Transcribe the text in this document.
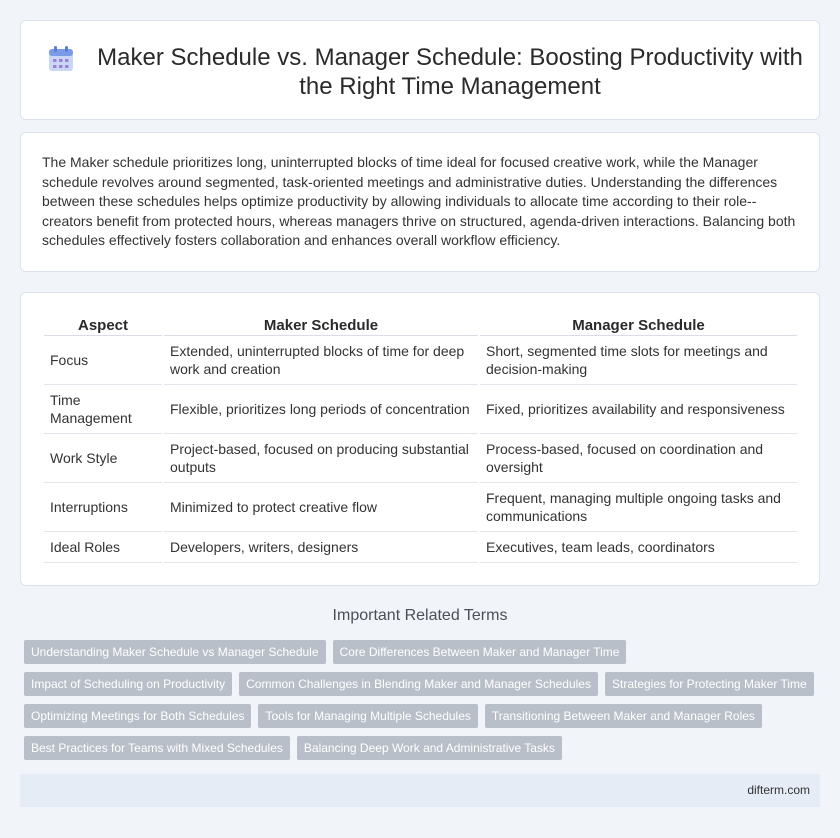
Maker Schedule vs. Manager Schedule: Boosting Productivity with the Right Time Management

The Maker schedule prioritizes long, uninterrupted blocks of time ideal for focused creative work, while the Manager schedule revolves around segmented, task-oriented meetings and administrative duties. Understanding the differences between these schedules helps optimize productivity by allowing individuals to allocate time according to their role--creators benefit from protected hours, whereas managers thrive on structured, agenda-driven interactions. Balancing both schedules effectively fosters collaboration and enhances overall workflow efficiency.

Aspect	Maker Schedule	Manager Schedule
Focus	Extended, uninterrupted blocks of time for deep work and creation	Short, segmented time slots for meetings and decision-making
Time Management	Flexible, prioritizes long periods of concentration	Fixed, prioritizes availability and responsiveness
Work Style	Project-based, focused on producing substantial outputs	Process-based, focused on coordination and oversight
Interruptions	Minimized to protect creative flow	Frequent, managing multiple ongoing tasks and communications
Ideal Roles	Developers, writers, designers	Executives, team leads, coordinators
Important Related Terms
Understanding Maker Schedule vs Manager Schedule	Core Differences Between Maker and Manager Time
Impact of Scheduling on Productivity	Common Challenges in Blending Maker and Manager Schedules	Strategies for Protecting Maker Time
Optimizing Meetings for Both Schedules	Tools for Managing Multiple Schedules	Transitioning Between Maker and Manager Roles
Best Practices for Teams with Mixed Schedules	Balancing Deep Work and Administrative Tasks
difterm.com
